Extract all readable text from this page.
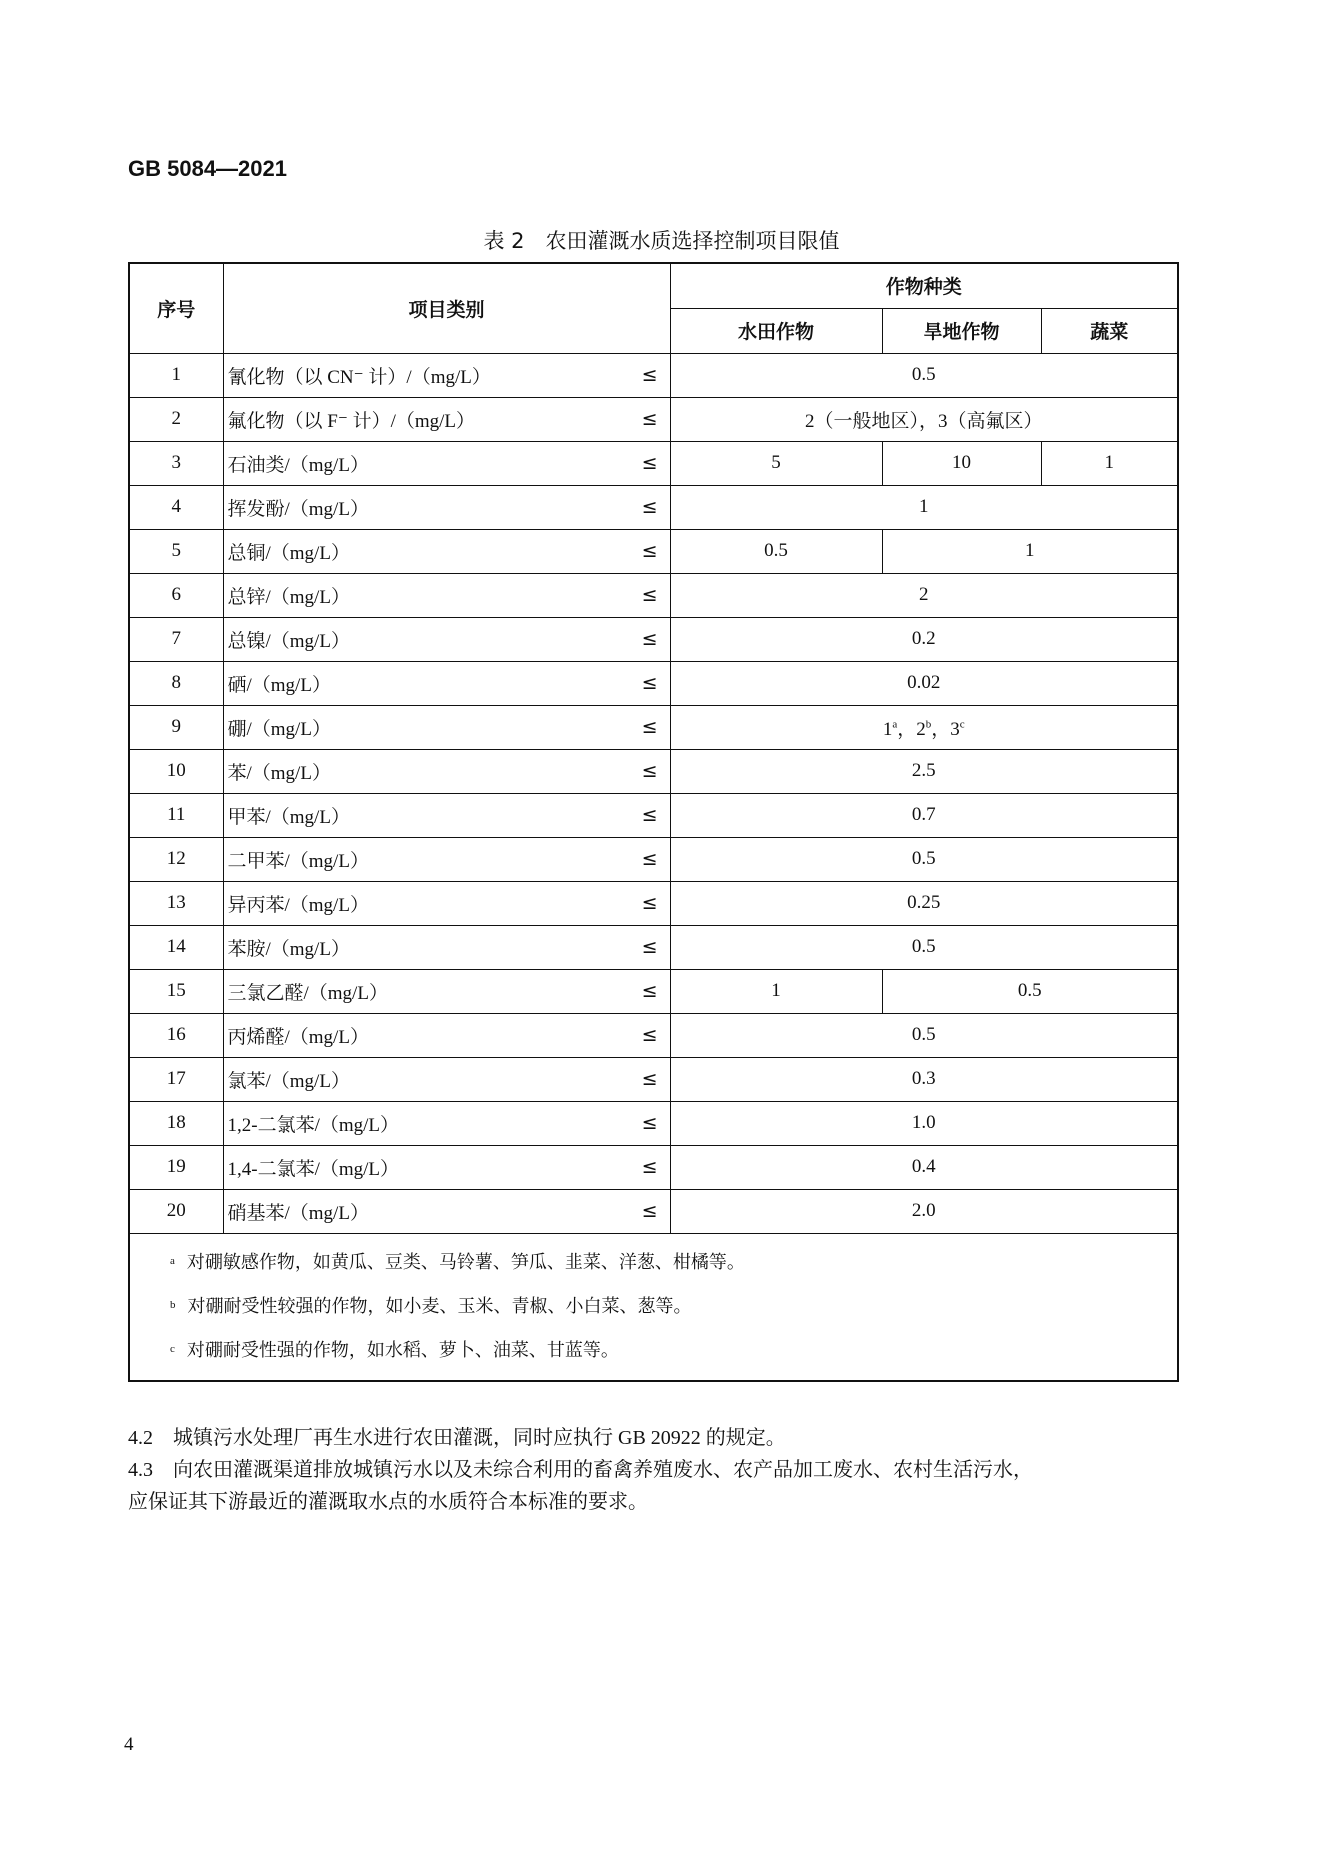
GB 5084—2021
表 2　农田灌溉水质选择控制项目限值
序号	项目类别		作物种类		
			水田作物	旱地作物	蔬菜
1	氰化物（以 CN⁻ 计）/（mg/L）	≤	0.5		
2	氟化物（以 F⁻ 计）/（mg/L）	≤	2（一般地区），3（高氟区）		
3	石油类/（mg/L）	≤	5	10	1
4	挥发酚/（mg/L）	≤	1		
5	总铜/（mg/L）	≤	0.5	1	
6	总锌/（mg/L）	≤	2		
7	总镍/（mg/L）	≤	0.2		
8	硒/（mg/L）	≤	0.02		
9	硼/（mg/L）	≤	$1^a$，2$^b$，3$^c$
10	苯/（mg/L）	≤	2.5		
11	甲苯/（mg/L）	≤	0.7		
12	二甲苯/（mg/L）	≤	0.5		
13	异丙苯/（mg/L）	≤	0.25		
14	苯胺/（mg/L）	≤	0.5		
15	三氯乙醛/（mg/L）	≤	1	0.5	
16	丙烯醛/（mg/L）	≤	0.5		
17	氯苯/（mg/L）	≤	0.3		
18	1,2-二氯苯/（mg/L）	≤	1.0		
19	1,4-二氯苯/（mg/L）	≤	0.4		
20	硝基苯/（mg/L）	≤	2.0		

$^a$ 对硼敏感作物，如黄瓜、豆类、马铃薯、笋瓜、韭菜、洋葱、柑橘等。
$^b$ 对硼耐受性较强的作物，如小麦、玉米、青椒、小白菜、葱等。
$^c$ 对硼耐受性强的作物，如水稻、萝卜、油菜、甘蓝等。					
4.2　城镇污水处理厂再生水进行农田灌溉，同时应执行 GB 20922 的规定。
4.3　向农田灌溉渠道排放城镇污水以及未综合利用的畜禽养殖废水、农产品加工废水、农村生活污水，
应保证其下游最近的灌溉取水点的水质符合本标准的要求。
4
